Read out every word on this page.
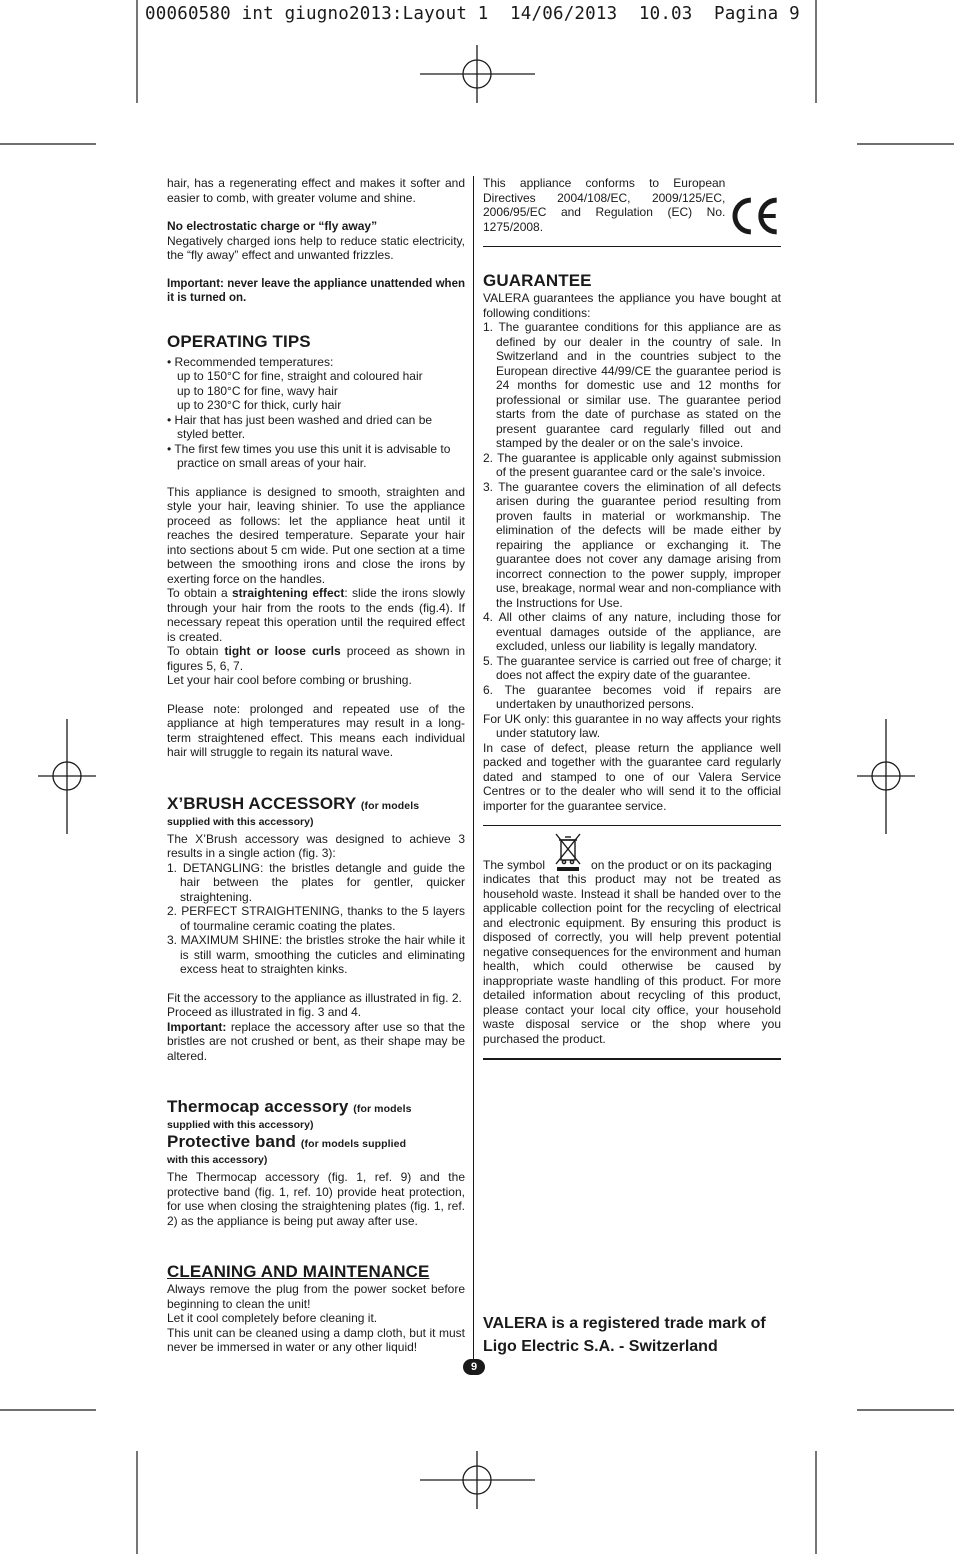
00060580 int giugno2013:Layout 1  14/06/2013  10.03  Pagina 9

hair, has a regenerating effect and makes it softer and easier to comb, with greater volume and shine.

No electrostatic charge or “fly away”

Negatively charged ions help to reduce static electricity, the “fly away” effect and unwanted frizzles.

Important: never leave the appliance unattended when it is turned on.

OPERATING TIPS

• Recommended temperatures:

up to 150°C for fine, straight and coloured hair

up to 180°C for fine, wavy hair

up to 230°C for thick, curly hair

• Hair that has just been washed and dried can be styled better.

• The first few times you use this unit it is advisable to practice on small areas of your hair.

This appliance is designed to smooth, straighten and style your hair, leaving shinier. To use the appliance proceed as follows: let the appliance heat until it reaches the desired temperature. Separate your hair into sections about 5 cm wide. Put one section at a time between the smoothing irons and close the irons by exerting force on the handles.

To obtain a straightening effect: slide the irons slowly through your hair from the roots to the ends (fig.4). If necessary repeat this operation until the required effect is created.

To obtain tight or loose curls proceed as shown in figures 5, 6, 7.

Let your hair cool before combing or brushing.

Please note: prolonged and repeated use of the appliance at high temperatures may result in a long-term straightened effect. This means each individual hair will struggle to regain its natural wave.

X’BRUSH ACCESSORY (for models
supplied with this accessory)

The X’Brush accessory was designed to achieve 3 results in a single action (fig. 3):

1. DETANGLING: the bristles detangle and guide the hair between the plates for gentler, quicker straightening.
2. PERFECT STRAIGHTENING, thanks to the 5 layers of tourmaline ceramic coating the plates.
3. MAXIMUM SHINE: the bristles stroke the hair while it is still warm, smoothing the cuticles and eliminating excess heat to straighten kinks.

Fit the accessory to the appliance as illustrated in fig. 2.

Proceed as illustrated in fig. 3 and 4.

Important: replace the accessory after use so that the bristles are not crushed or bent, as their shape may be altered.

Thermocap accessory (for models
supplied with this accessory)
Protective band (for models supplied
with this accessory)

The Thermocap accessory (fig. 1, ref. 9) and the protective band (fig. 1, ref. 10) provide heat protection, for use when closing the straightening plates (fig. 1, ref. 2) as the appliance is being put away after use.

CLEANING AND MAINTENANCE

Always remove the plug from the power socket before beginning to clean the unit!

Let it cool completely before cleaning it.

This unit can be cleaned using a damp cloth, but it must never be immersed in water or any other liquid!

This appliance conforms to European Directives 2004/108/EC, 2009/125/EC, 2006/95/EC and Regulation (EC) No. 1275/2008.

GUARANTEE

VALERA guarantees the appliance you have bought at following conditions:

1. The guarantee conditions for this appliance are as defined by our dealer in the country of sale. In Switzerland and in the countries subject to the European directive 44/99/CE the guarantee period is 24 months for domestic use and 12 months for professional or similar use. The guarantee period starts from the date of purchase as stated on the present guarantee card regularly filled out and stamped by the dealer or on the sale’s invoice.
2. The guarantee is applicable only against submission of the present guarantee card or the sale’s invoice.
3. The guarantee covers the elimination of all defects arisen during the guarantee period resulting from proven faults in material or workmanship. The elimination of the defects will be made either by repairing the appliance or exchanging it. The guarantee does not cover any damage arising from incorrect connection to the power supply, improper use, breakage, normal wear and non-compliance with the Instructions for Use.
4. All other claims of any nature, including those for eventual damages outside of the appliance, are excluded, unless our liability is legally mandatory.
5. The guarantee service is carried out free of charge; it does not affect the expiry date of the guarantee.
6. The guarantee becomes void if repairs are undertaken by unauthorized persons.

For UK only: this guarantee in no way affects your rights under statutory law.

In case of defect, please return the appliance well packed and together with the guarantee card regularly dated and stamped to one of our Valera Service Centres or to the dealer who will send it to the official importer for the guarantee service.

The symbol	on the product or on its packaging

indicates that this product may not be treated as household waste. Instead it shall be handed over to the applicable collection point for the recycling of electrical and electronic equipment. By ensuring this product is disposed of correctly, you will help prevent potential negative consequences for the environment and human health, which could otherwise be caused by inappropriate waste handling of this product. For more detailed information about recycling of this product, please contact your local city office, your household waste disposal service or the shop where you purchased the product.

VALERA is a registered trade mark of
Ligo Electric S.A. - Switzerland
9
